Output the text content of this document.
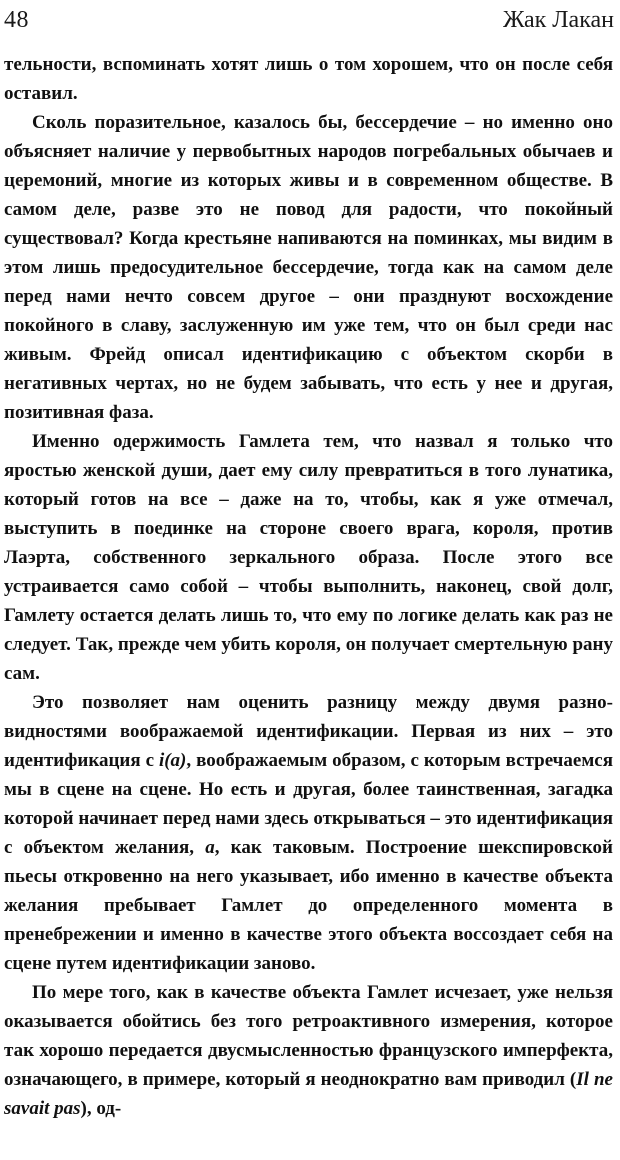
48	Жак Лакан

тельности, вспоминать хотят лишь о том хорошем, что он после себя оставил.

Сколь поразительное, казалось бы, бессердечие – но именно оно объясняет наличие у первобытных народов погребальных обычаев и церемоний, многие из которых живы и в современном обществе. В самом деле, разве это не повод для радости, что покойный существовал? Когда крестьяне напиваются на поминках, мы видим в этом лишь предосудительное бессердечие, тогда как на самом деле перед нами нечто совсем другое – они празднуют восхождение покойного в славу, заслуженную им уже тем, что он был среди нас живым. Фрейд описал идентификацию с объектом скорби в негативных чертах, но не будем забывать, что есть у нее и другая, позитивная фаза.

Именно одержимость Гамлета тем, что назвал я только что яростью женской души, дает ему силу превратиться в того лунатика, который готов на все – даже на то, чтобы, как я уже отмечал, выступить в поединке на стороне своего врага, короля, против Лаэрта, собственного зеркального образа. После этого все устраивается само собой – чтобы выполнить, наконец, свой долг, Гамлету остается делать лишь то, что ему по логике делать как раз не следует. Так, прежде чем убить короля, он получает смертельную рану сам.

Это позволяет нам оценить разницу между двумя разновидностями воображаемой идентификации. Первая из них – это идентификация с i(a), воображаемым образом, с которым встречаемся мы в сцене на сцене. Но есть и другая, более таинственная, загадка которой начинает перед нами здесь открываться – это идентификация с объектом желания, a, как таковым. Построение шекспировской пьесы откровенно на него указывает, ибо именно в качестве объекта желания пребывает Гамлет до определенного момента в пренебрежении и именно в качестве этого объекта воссоздает себя на сцене путем идентификации заново.

По мере того, как в качестве объекта Гамлет исчезает, уже нельзя оказывается обойтись без того ретроактивного измерения, которое так хорошо передается двусмысленностью французского имперфекта, означающего, в примере, который я неоднократно вам приводил (Il ne savait pas), од-
